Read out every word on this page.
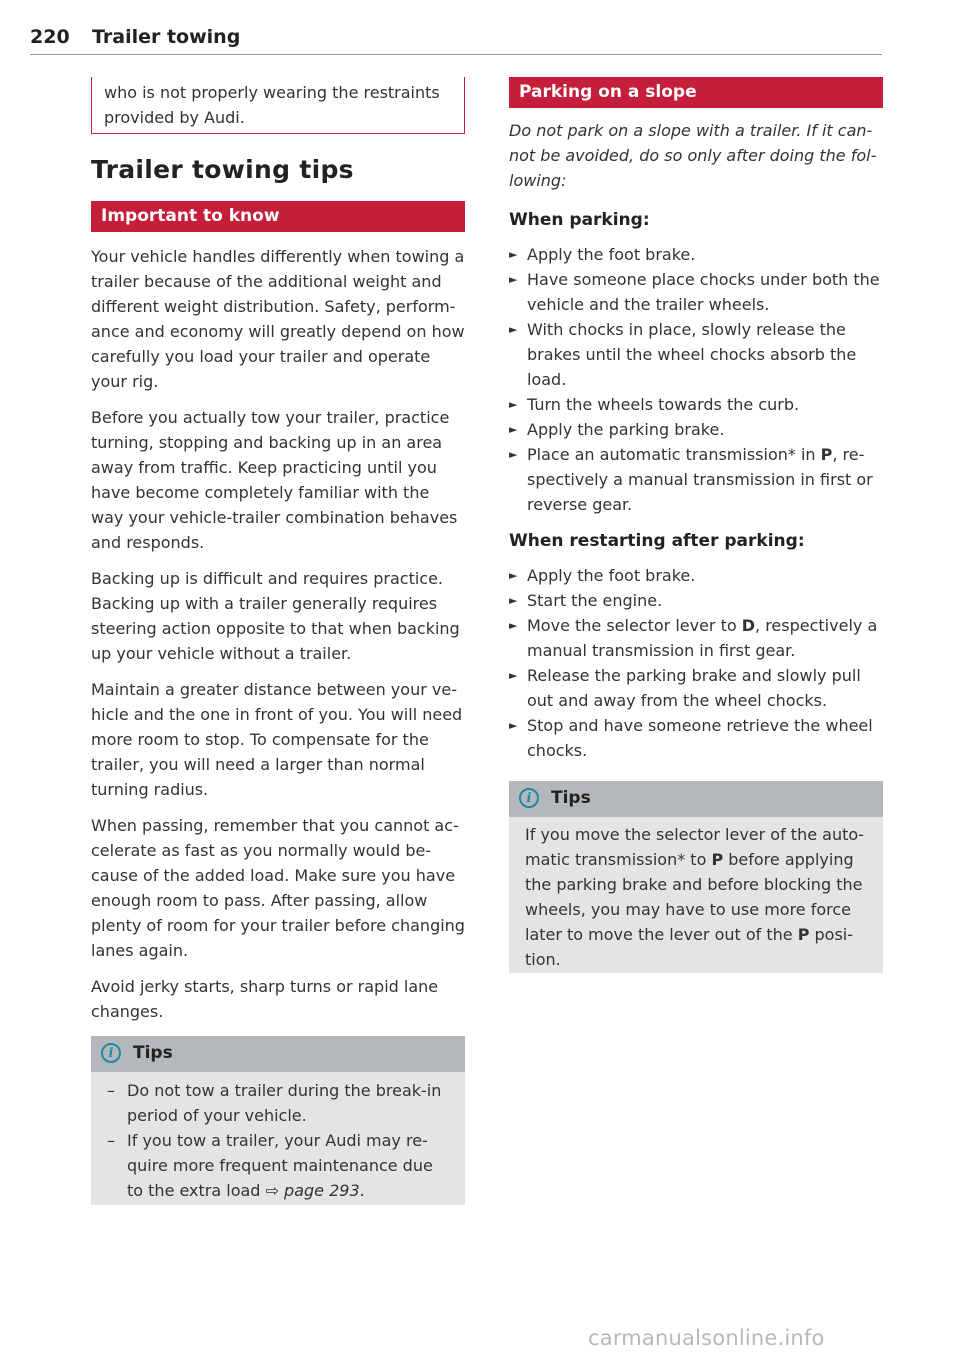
220 Trailer towing

who is not properly wearing the restraints provided by Audi.

Trailer towing tips
Important to know

Your vehicle handles differently when towing a trailer because of the additional weight and different weight distribution. Safety, performance and economy will greatly depend on how carefully you load your trailer and operate your rig.

Before you actually tow your trailer, practice turning, stopping and backing up in an area away from traffic. Keep practicing until you have become completely familiar with the way your vehicle-trailer combination behaves and responds.

Backing up is difficult and requires practice. Backing up with a trailer generally requires steering action opposite to that when backing up your vehicle without a trailer.

Maintain a greater distance between your vehicle and the one in front of you. You will need more room to stop. To compensate for the trailer, you will need a larger than normal turning radius.

When passing, remember that you cannot accelerate as fast as you normally would because of the added load. Make sure you have enough room to pass. After passing, allow plenty of room for your trailer before changing lanes again.

Avoid jerky starts, sharp turns or rapid lane changes.

i	Tips
– Do not tow a trailer during the break-in period of your vehicle.
– If you tow a trailer, your Audi may require more frequent maintenance due to the extra load ⇨ page 293.
Parking on a slope

Do not park on a slope with a trailer. If it cannot be avoided, do so only after doing the following:

When parking:

► Apply the foot brake.
► Have someone place chocks under both the vehicle and the trailer wheels.
► With chocks in place, slowly release the brakes until the wheel chocks absorb the load.
► Turn the wheels towards the curb.
► Apply the parking brake.
► Place an automatic transmission* in P, respectively a manual transmission in first or reverse gear.

When restarting after parking:

► Apply the foot brake.
► Start the engine.
► Move the selector lever to D, respectively a manual transmission in first gear.
► Release the parking brake and slowly pull out and away from the wheel chocks.
► Stop and have someone retrieve the wheel chocks.
i	Tips

If you move the selector lever of the automatic transmission* to P before applying the parking brake and before blocking the wheels, you may have to use more force later to move the lever out of the P position.

carmanualsonline.info
